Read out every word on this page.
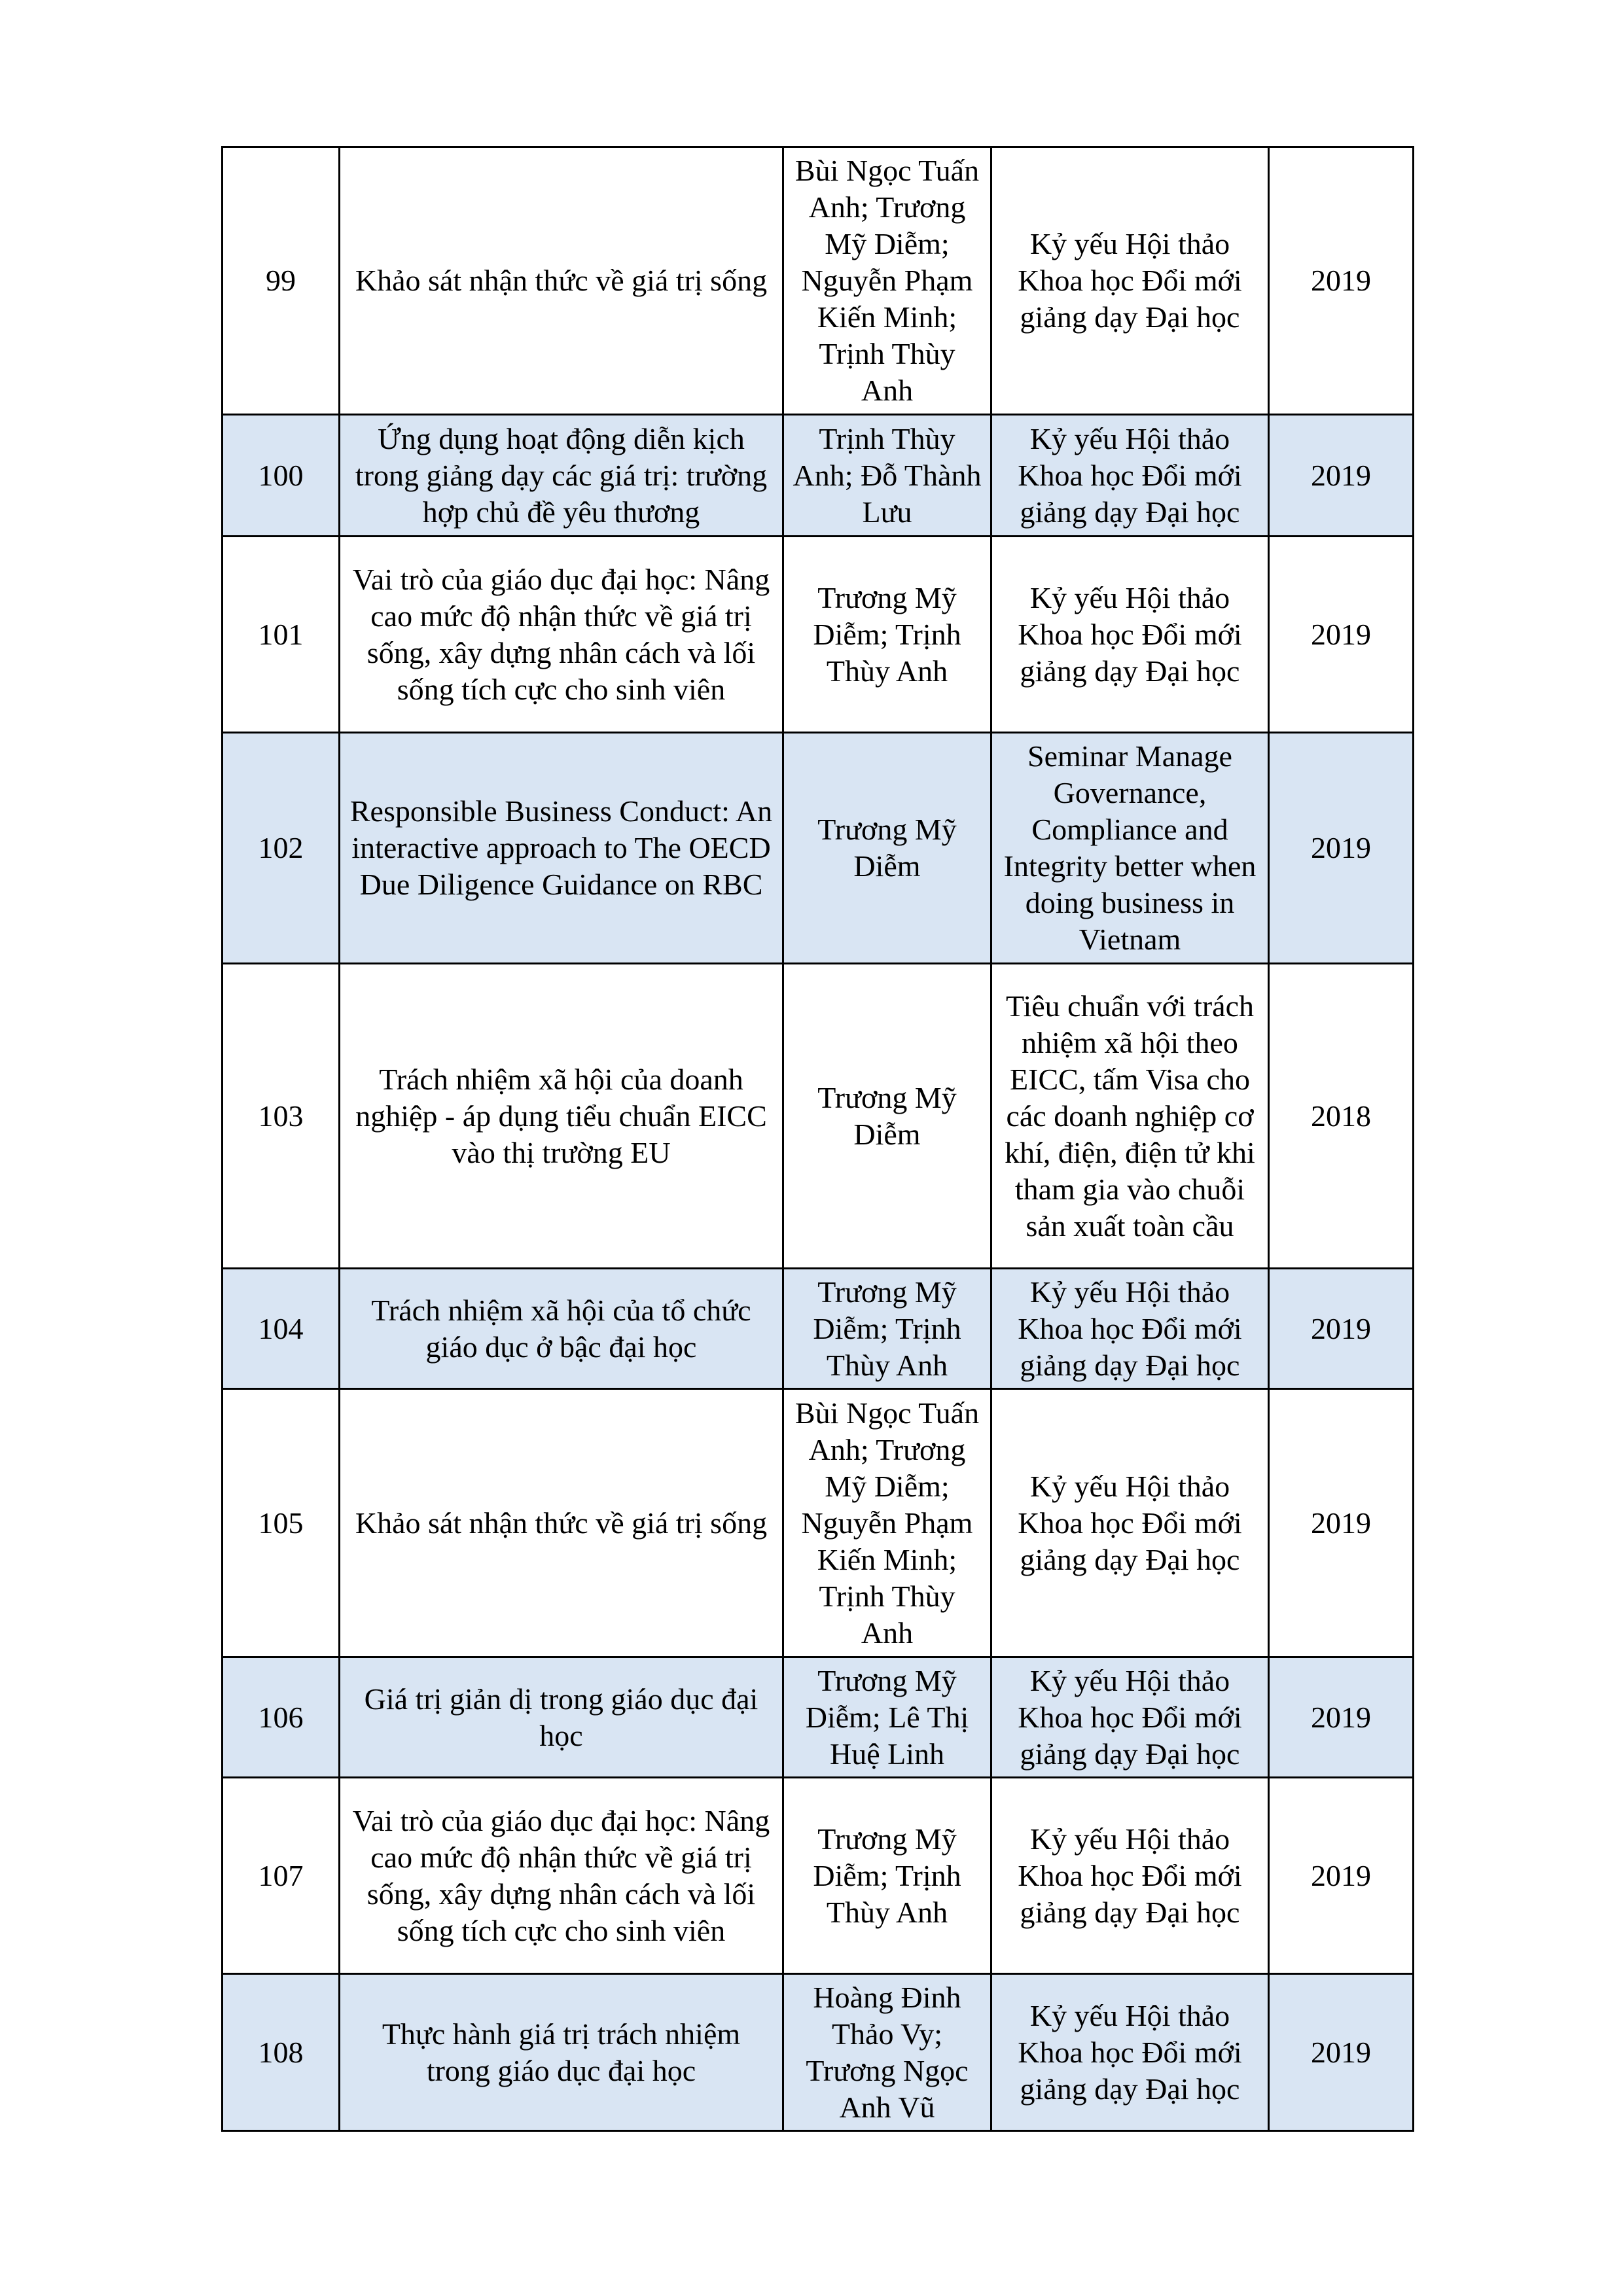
99	Khảo sát nhận thức về giá trị sống	Bùi Ngọc Tuấn Anh; Trương Mỹ Diễm; Nguyễn Phạm Kiến Minh; Trịnh Thùy Anh	Kỷ yếu Hội thảo Khoa học Đổi mới giảng dạy Đại học	2019
100	Ứng dụng hoạt động diễn kịch trong giảng dạy các giá trị: trường hợp chủ đề yêu thương	Trịnh Thùy Anh; Đỗ Thành Lưu	Kỷ yếu Hội thảo Khoa học Đổi mới giảng dạy Đại học	2019
101	Vai trò của giáo dục đại học: Nâng cao mức độ nhận thức về giá trị sống, xây dựng nhân cách và lối sống tích cực cho sinh viên	Trương Mỹ Diễm; Trịnh Thùy Anh	Kỷ yếu Hội thảo Khoa học Đổi mới giảng dạy Đại học	2019
102	Responsible Business Conduct: An interactive approach to The OECD Due Diligence Guidance on RBC	Trương Mỹ Diễm	Seminar Manage Governance, Compliance and Integrity better when doing business in Vietnam	2019
103	Trách nhiệm xã hội của doanh nghiệp - áp dụng tiểu chuẩn EICC vào thị trường EU	Trương Mỹ Diễm	Tiêu chuẩn với trách nhiệm xã hội theo EICC, tấm Visa cho các doanh nghiệp cơ khí, điện, điện tử khi tham gia vào chuỗi sản xuất toàn cầu	2018
104	Trách nhiệm xã hội của tổ chức giáo dục ở bậc đại học	Trương Mỹ Diễm; Trịnh Thùy Anh	Kỷ yếu Hội thảo Khoa học Đổi mới giảng dạy Đại học	2019
105	Khảo sát nhận thức về giá trị sống	Bùi Ngọc Tuấn Anh; Trương Mỹ Diễm; Nguyễn Phạm Kiến Minh; Trịnh Thùy Anh	Kỷ yếu Hội thảo Khoa học Đổi mới giảng dạy Đại học	2019
106	Giá trị giản dị trong giáo dục đại học	Trương Mỹ Diễm; Lê Thị Huệ Linh	Kỷ yếu Hội thảo Khoa học Đổi mới giảng dạy Đại học	2019
107	Vai trò của giáo dục đại học: Nâng cao mức độ nhận thức về giá trị sống, xây dựng nhân cách và lối sống tích cực cho sinh viên	Trương Mỹ Diễm; Trịnh Thùy Anh	Kỷ yếu Hội thảo Khoa học Đổi mới giảng dạy Đại học	2019
108	Thực hành giá trị trách nhiệm trong giáo dục đại học	Hoàng Đinh Thảo Vy; Trương Ngọc Anh Vũ	Kỷ yếu Hội thảo Khoa học Đổi mới giảng dạy Đại học	2019
